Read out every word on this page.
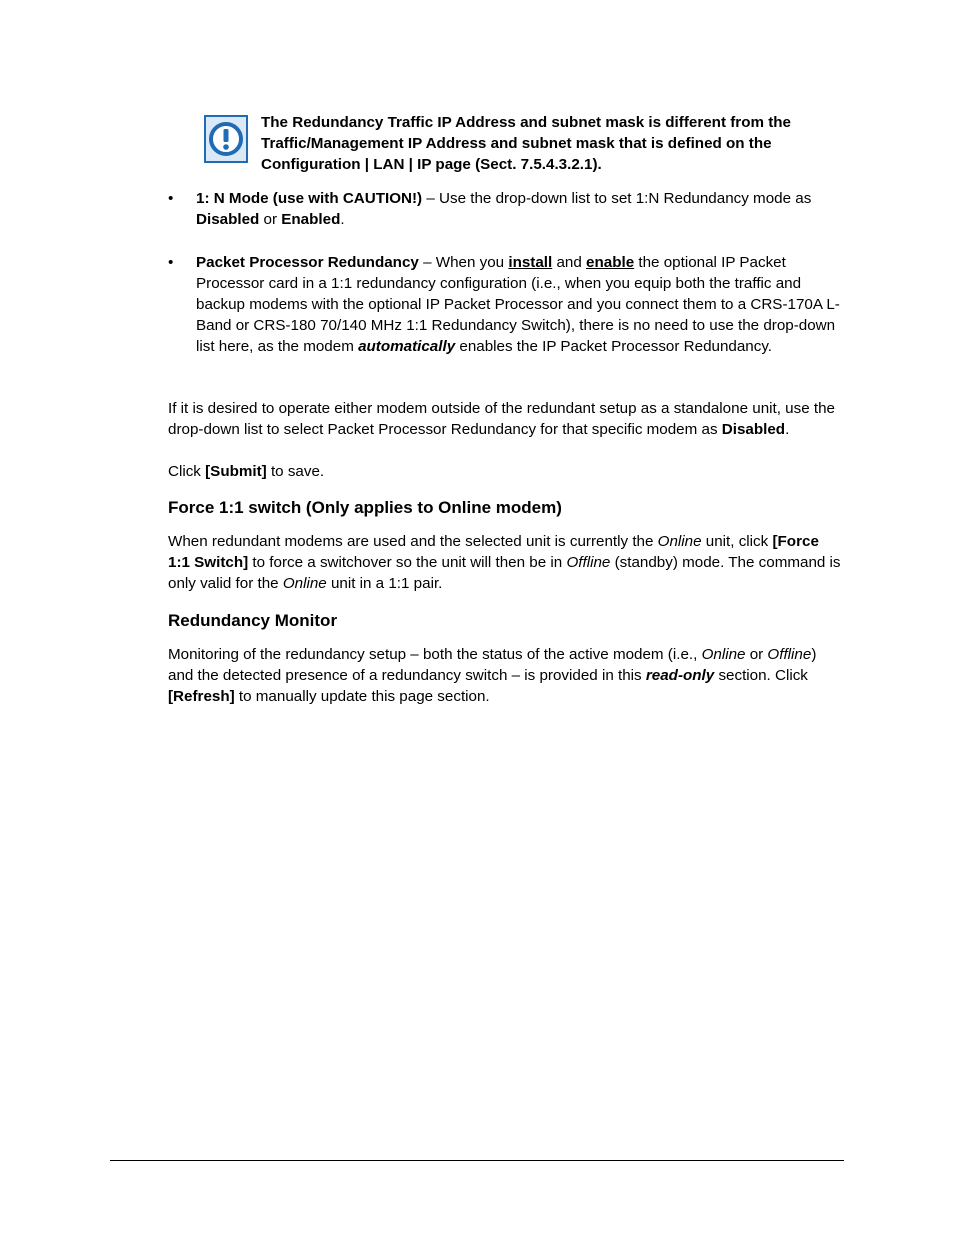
The Redundancy Traffic IP Address and subnet mask is different from the Traffic/Management IP Address and subnet mask that is defined on the Configuration | LAN | IP page (Sect. 7.5.4.3.2.1).
•	1: N Mode (use with CAUTION!) – Use the drop-down list to set 1:N Redundancy mode as Disabled or Enabled.
•	Packet Processor Redundancy – When you install and enable the optional IP Packet Processor card in a 1:1 redundancy configuration (i.e., when you equip both the traffic and backup modems with the optional IP Packet Processor and you connect them to a CRS-170A L-Band or CRS-180 70/140 MHz 1:1 Redundancy Switch), there is no need to use the drop-down list here, as the modem automatically enables the IP Packet Processor Redundancy.
If it is desired to operate either modem outside of the redundant setup as a standalone unit, use the drop-down list to select Packet Processor Redundancy for that specific modem as Disabled.
Click [Submit] to save.
Force 1:1 switch (Only applies to Online modem)
When redundant modems are used and the selected unit is currently the Online unit, click [Force 1:1 Switch] to force a switchover so the unit will then be in Offline (standby) mode. The command is only valid for the Online unit in a 1:1 pair.
Redundancy Monitor
Monitoring of the redundancy setup – both the status of the active modem (i.e., Online or Offline) and the detected presence of a redundancy switch – is provided in this read-only section. Click [Refresh] to manually update this page section.
